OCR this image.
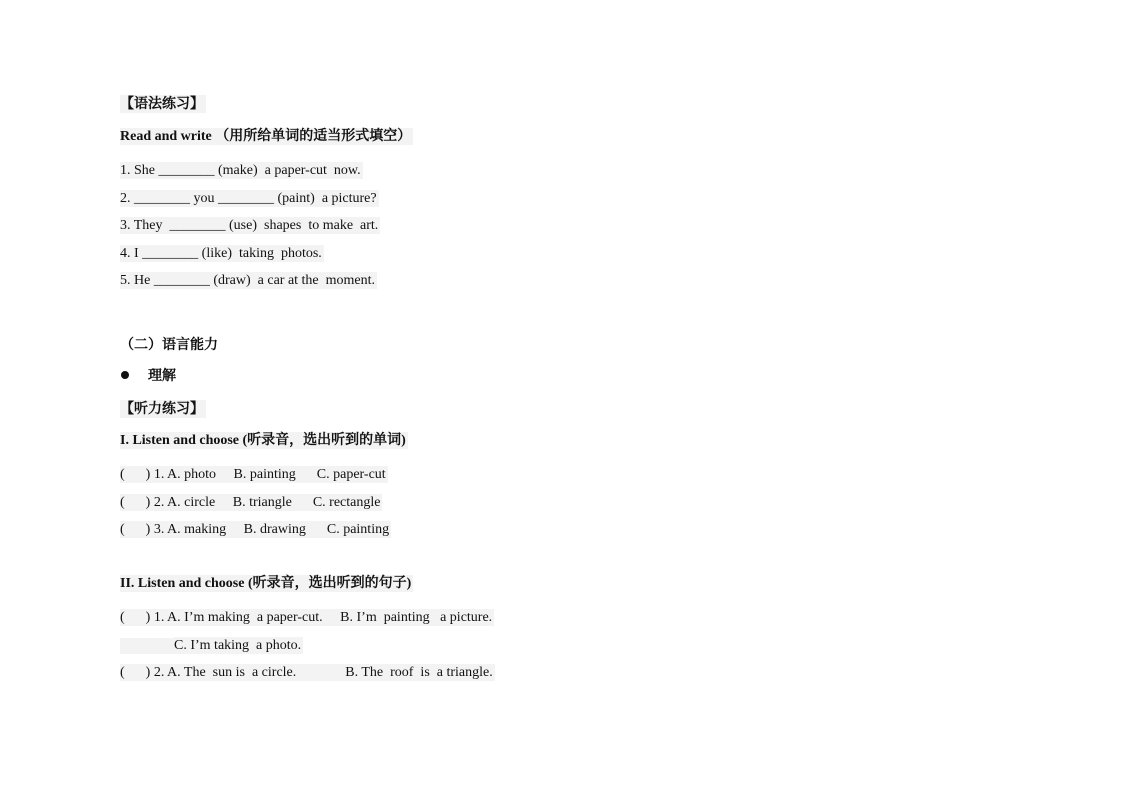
【语法练习】
Read and write （用所给单词的适当形式填空）
1. She ________ (make)  a paper-cut  now.
2. ________ you ________ (paint)  a picture?
3. They  ________ (use)  shapes  to make  art.
4. I ________ (like)  taking  photos.
5. He ________ (draw)  a car at the  moment.
（二）语言能力
理解
【听力练习】
I. Listen and choose (听录音，选出听到的单词)
(      ) 1. A. photo     B. painting      C. paper-cut
(      ) 2. A. circle     B. triangle      C. rectangle
(      ) 3. A. making     B. drawing      C. painting
II. Listen and choose (听录音，选出听到的句子)
(      ) 1. A. I’m making  a paper-cut.     B. I’m  painting   a picture.
C. I’m taking  a photo.
(      ) 2. A. The  sun is  a circle.              B. The  roof  is  a triangle.
